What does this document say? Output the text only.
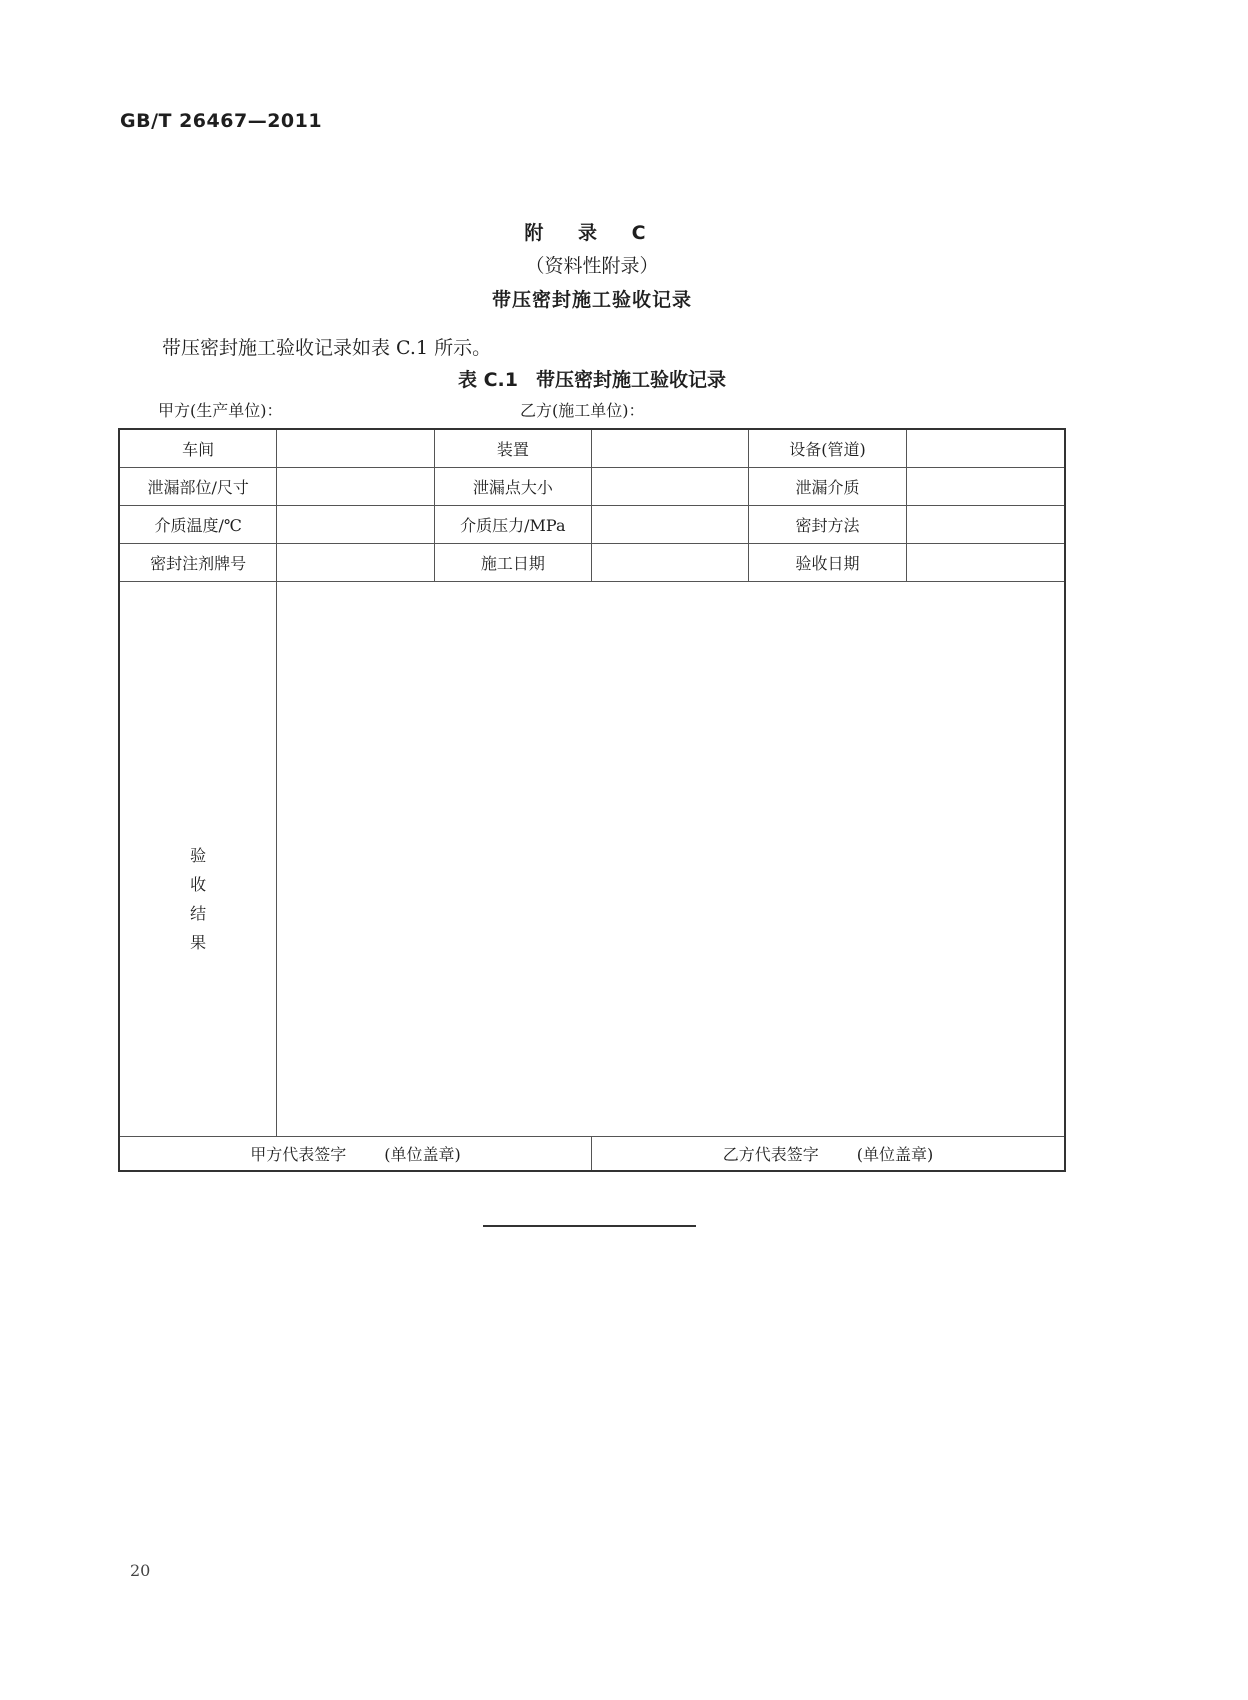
GB/T 26467—2011
附 录 C
（资料性附录）
带压密封施工验收记录
带压密封施工验收记录如表 C.1 所示。
表 C.1 带压密封施工验收记录
甲方(生产单位)：	乙方(施工单位)：
车间	装置	设备(管道)
泄漏部位/尺寸	泄漏点大小	泄漏介质
介质温度/℃	介质压力/MPa	密封方法
密封注剂牌号	施工日期	验收日期
验
收
结
果
甲方代表签字 (单位盖章)	乙方代表签字 (单位盖章)
20
